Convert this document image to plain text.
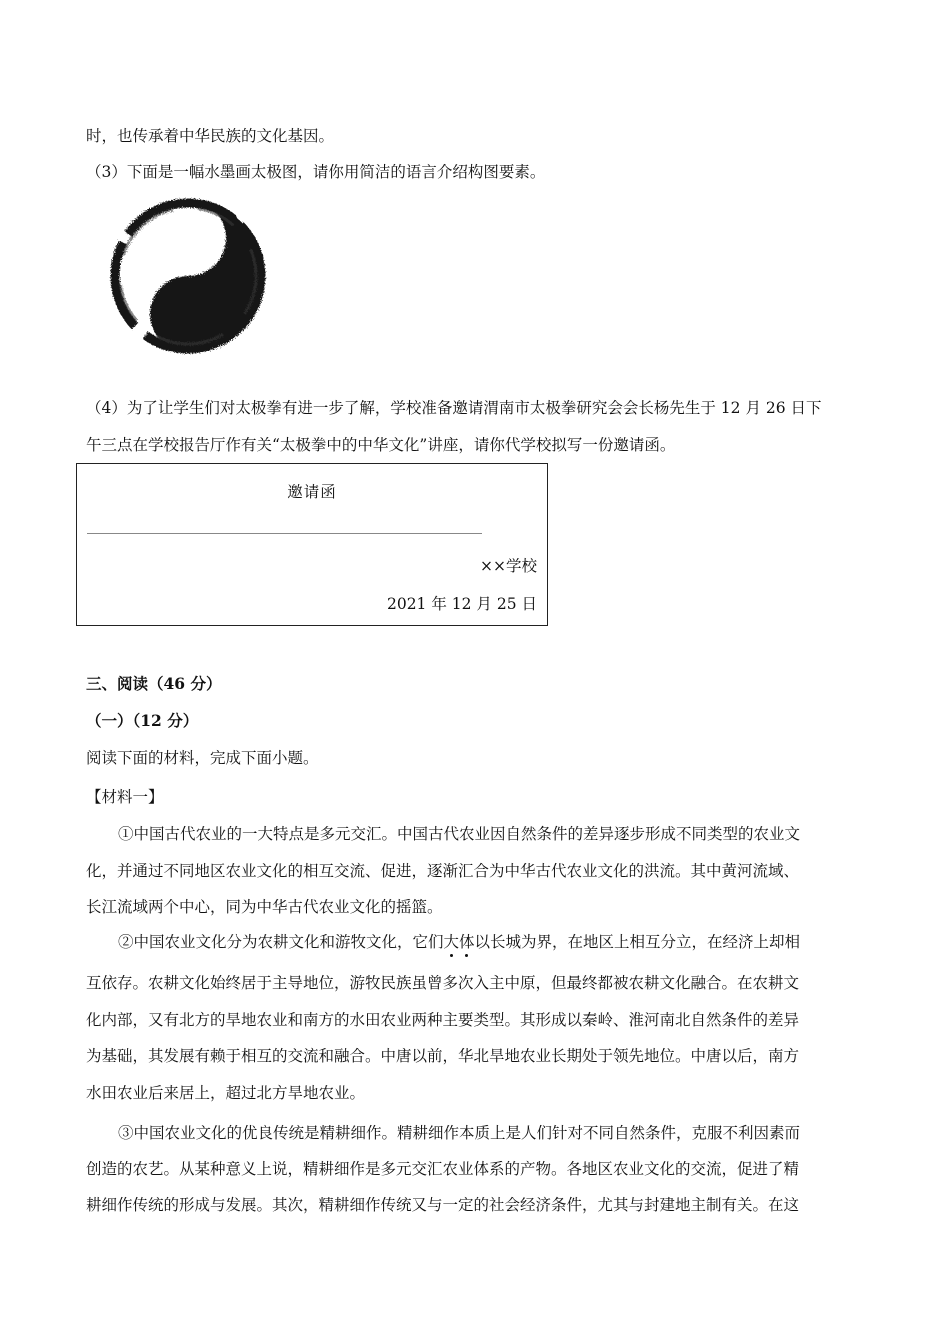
时，也传承着中华民族的文化基因。
（3）下面是一幅水墨画太极图，请你用简洁的语言介绍构图要素。
（4）为了让学生们对太极拳有进一步了解，学校准备邀请渭南市太极拳研究会会长杨先生于 12 月 26 日下
午三点在学校报告厅作有关“太极拳中的中华文化”讲座，请你代学校拟写一份邀请函。
邀请函
××学校
2021 年 12 月 25 日
三、阅读（46 分）
（一）（12 分）
阅读下面的材料，完成下面小题。
【材料一】
①中国古代农业的一大特点是多元交汇。中国古代农业因自然条件的差异逐步形成不同类型的农业文
化，并通过不同地区农业文化的相互交流、促进，逐渐汇合为中华古代农业文化的洪流。其中黄河流域、
长江流域两个中心，同为中华古代农业文化的摇篮。
②中国农业文化分为农耕文化和游牧文化，它们大体以长城为界，在地区上相互分立，在经济上却相
互依存。农耕文化始终居于主导地位，游牧民族虽曾多次入主中原，但最终都被农耕文化融合。在农耕文
化内部，又有北方的旱地农业和南方的水田农业两种主要类型。其形成以秦岭、淮河南北自然条件的差异
为基础，其发展有赖于相互的交流和融合。中唐以前，华北旱地农业长期处于领先地位。中唐以后，南方
水田农业后来居上，超过北方旱地农业。
③中国农业文化的优良传统是精耕细作。精耕细作本质上是人们针对不同自然条件，克服不利因素而
创造的农艺。从某种意义上说，精耕细作是多元交汇农业体系的产物。各地区农业文化的交流，促进了精
耕细作传统的形成与发展。其次，精耕细作传统又与一定的社会经济条件，尤其与封建地主制有关。在这
